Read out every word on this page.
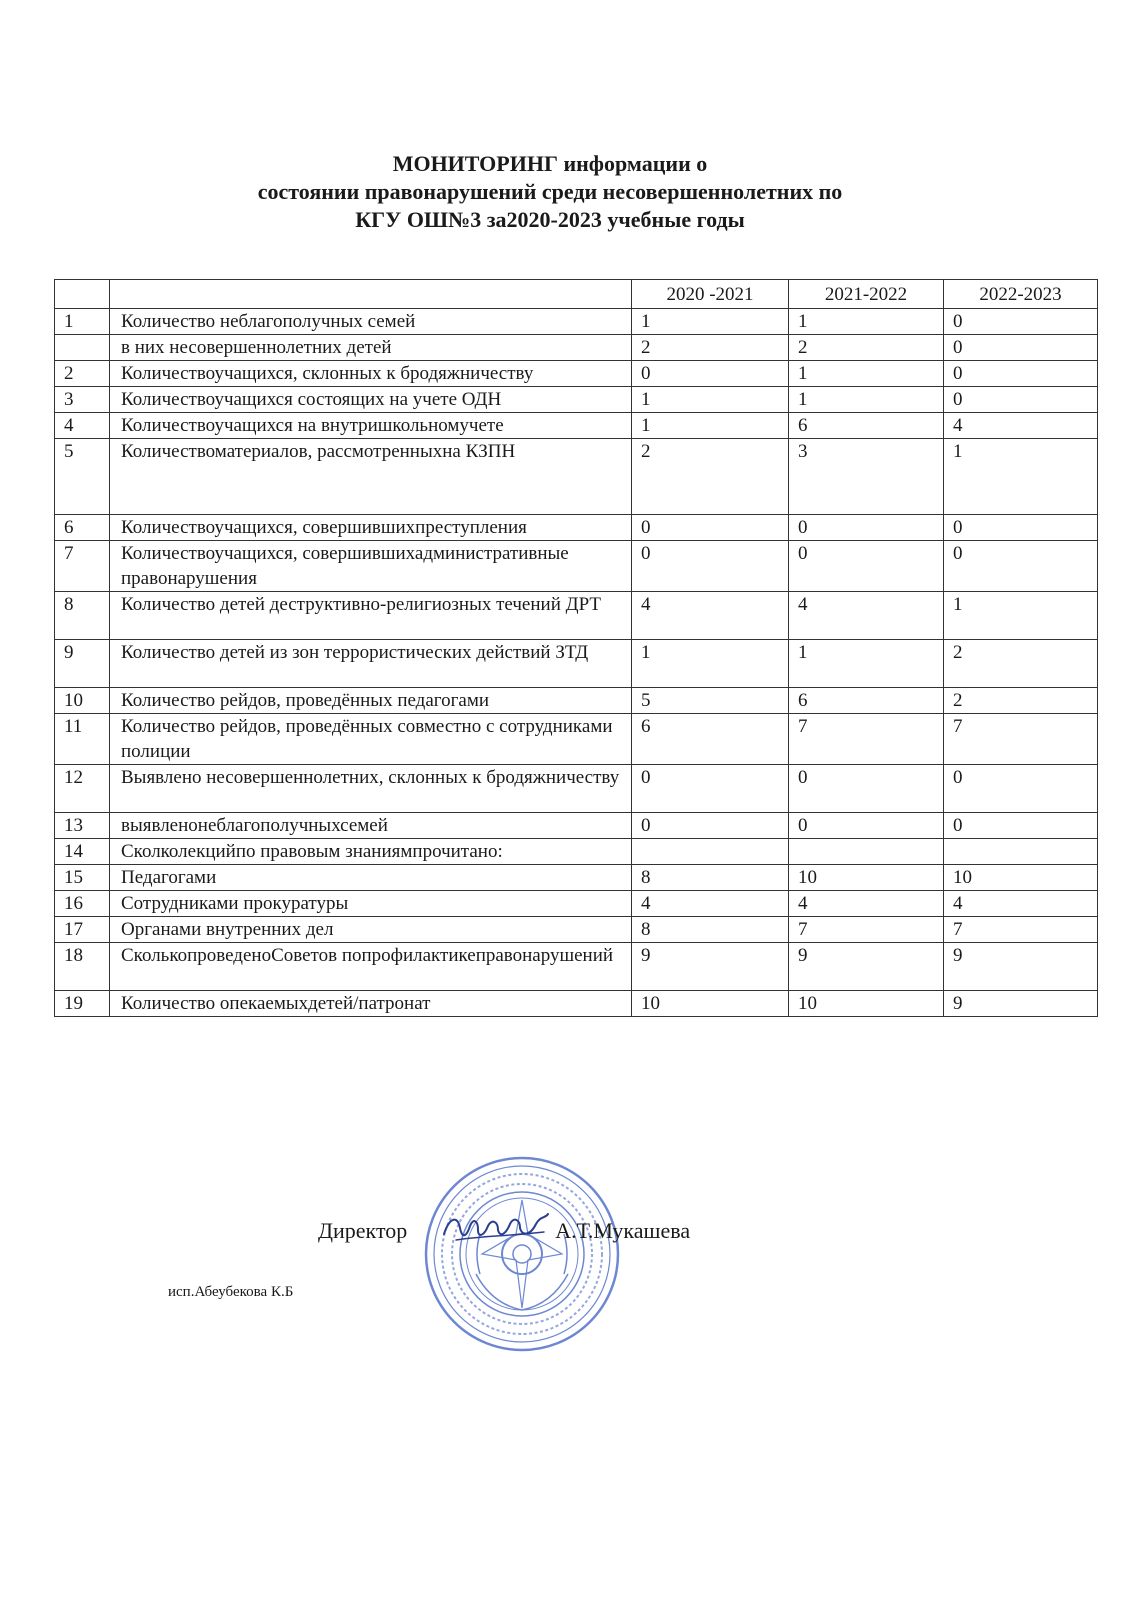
МОНИТОРИНГ информации о
состоянии правонарушений среди несовершеннолетних по
КГУ ОШ№3 за2020-2023 учебные годы
		2020 -2021	2021-2022	2022-2023
1	Количество неблагополучных семей	1	1	0
	в них несовершеннолетних детей	2	2	0
2	Количествоучащихся, склонных к бродяжничеству	0	1	0
3	Количествоучащихся состоящих на учете ОДН	1	1	0
4	Количествоучащихся на внутришкольномучете	1	6	4
5	Количествоматериалов, рассмотренныхна КЗПН	2	3	1
6	Количествоучащихся, совершившихпреступления	0	0	0
7	Количествоучащихся, совершившихадминистративные правонарушения	0	0	0
8	Количество детей деструктивно-религиозных течений ДРТ	4	4	1
9	Количество детей из зон террористических действий ЗТД	1	1	2
10	Количество рейдов, проведённых педагогами	5	6	2
11	Количество рейдов, проведённых совместно с сотрудниками полиции	6	7	7
12	Выявлено несовершеннолетних, склонных к бродяжничеству	0	0	0
13	выявленонеблагополучныхсемей	0	0	0
14	Сколколекцийпо правовым знаниямпрочитано:			
15	Педагогами	8	10	10
16	Сотрудниками прокуратуры	4	4	4
17	Органами внутренних дел	8	7	7
18	СколькопроведеноСоветов попрофилактикеправонарушений	9	9	9
19	Количество опекаемыхдетей/патронат	10	10	9
Директор	А.Т.Мукашева
исп.Абеубекова К.Б
